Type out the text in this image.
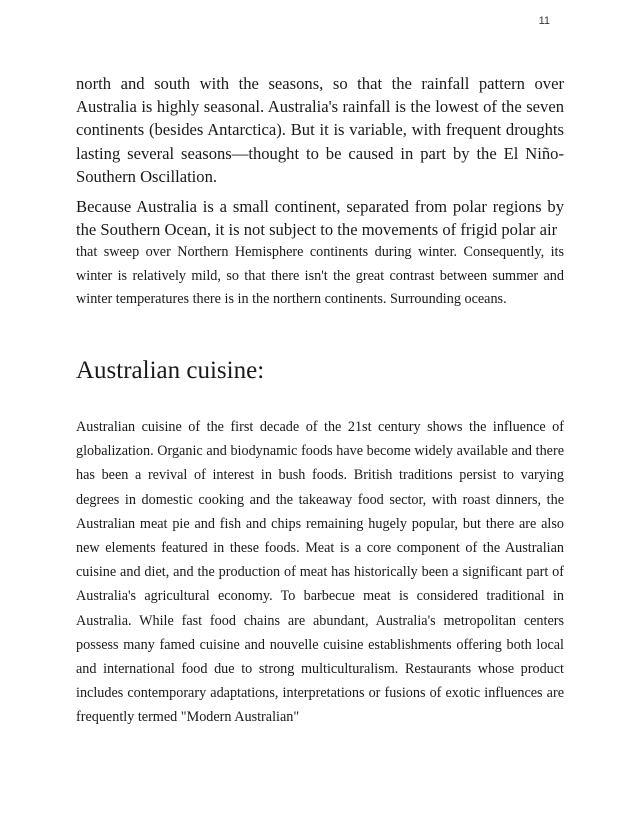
11

north and south with the seasons, so that the rainfall pattern over Australia is highly seasonal. Australia's rainfall is the lowest of the seven continents (besides Antarctica). But it is variable, with frequent droughts lasting several seasons—thought to be caused in part by the El Niño-Southern Oscillation.

Because Australia is a small continent, separated from polar regions by the Southern Ocean, it is not subject to the movements of frigid polar air

that sweep over Northern Hemisphere continents during winter. Consequently, its winter is relatively mild, so that there isn't the great contrast between summer and winter temperatures there is in the northern continents. Surrounding oceans.

Australian cuisine:

Australian cuisine of the first decade of the 21st century shows the influence of globalization. Organic and biodynamic foods have become widely available and there has been a revival of interest in bush foods. British traditions persist to varying degrees in domestic cooking and the takeaway food sector, with roast dinners, the Australian meat pie and fish and chips remaining hugely popular, but there are also new elements featured in these foods. Meat is a core component of the Australian cuisine and diet, and the production of meat has historically been a significant part of Australia's agricultural economy. To barbecue meat is considered traditional in Australia. While fast food chains are abundant, Australia's metropolitan centers possess many famed cuisine and nouvelle cuisine establishments offering both local and international food due to strong multiculturalism. Restaurants whose product includes contemporary adaptations, interpretations or fusions of exotic influences are frequently termed "Modern Australian"
